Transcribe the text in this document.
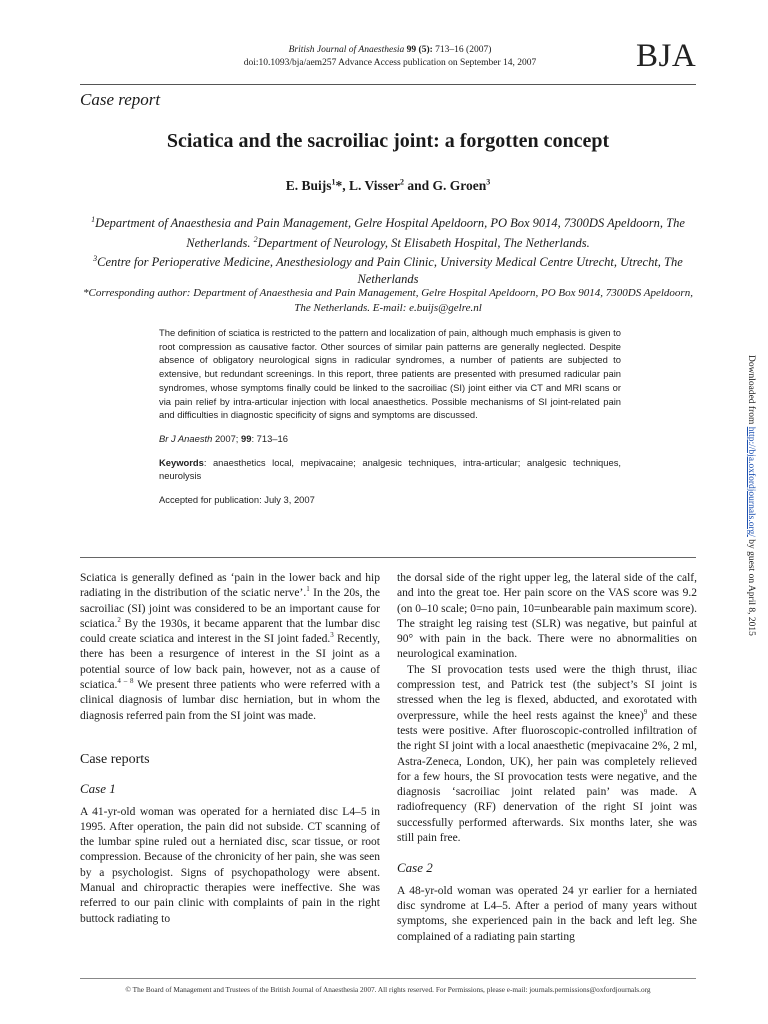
British Journal of Anaesthesia 99 (5): 713–16 (2007)
doi:10.1093/bja/aem257 Advance Access publication on September 14, 2007	BJA
Case report
Sciatica and the sacroiliac joint: a forgotten concept
E. Buijs$^1$*, L. Visser$^2$ and G. Groen$^3$
$^1$Department of Anaesthesia and Pain Management, Gelre Hospital Apeldoorn, PO Box 9014, 7300DS Apeldoorn, The Netherlands. $^2$Department of Neurology, St Elisabeth Hospital, The Netherlands.
$^3$Centre for Perioperative Medicine, Anesthesiology and Pain Clinic, University Medical Centre Utrecht, Utrecht, The Netherlands
*Corresponding author: Department of Anaesthesia and Pain Management, Gelre Hospital Apeldoorn, PO Box 9014, 7300DS Apeldoorn, The Netherlands. E-mail: e.buijs@gelre.nl

The definition of sciatica is restricted to the pattern and localization of pain, although much emphasis is given to root compression as causative factor. Other sources of similar pain patterns are generally neglected. Despite absence of obligatory neurological signs in radicular syndromes, a number of patients are subjected to extensive, but redundant screenings. In this report, three patients are presented with presumed radicular pain syndromes, whose symptoms finally could be linked to the sacroiliac (SI) joint either via CT and MRI scans or via pain relief by intra-articular injection with local anaesthetics. Possible mechanisms of SI joint-related pain and difficulties in diagnostic specificity of signs and symptoms are discussed.

Br J Anaesth 2007; 99: 713–16

Keywords: anaesthetics local, mepivacaine; analgesic techniques, intra-articular; analgesic techniques, neurolysis

Accepted for publication: July 3, 2007

Sciatica is generally defined as ‘pain in the lower back and hip radiating in the distribution of the sciatic nerve’.$^1$ In the 20s, the sacroiliac (SI) joint was considered to be an important cause for sciatica.$^2$ By the 1930s, it became apparent that the lumbar disc could create sciatica and interest in the SI joint faded.$^3$ Recently, there has been a resurgence of interest in the SI joint as a potential source of low back pain, however, not as a cause of sciatica.$^{4 - 8}$ We present three patients who were referred with a clinical diagnosis of lumbar disc herniation, but in whom the diagnosis referred pain from the SI joint was made.

Case reports

Case 1

A 41-yr-old woman was operated for a herniated disc L4–5 in 1995. After operation, the pain did not subside. CT scanning of the lumbar spine ruled out a herniated disc, scar tissue, or root compression. Because of the chronicity of her pain, she was seen by a psychologist. Signs of psychopathology were absent. Manual and chiropractic therapies were ineffective. She was referred to our pain clinic with complaints of pain in the right buttock radiating to

the dorsal side of the right upper leg, the lateral side of the calf, and into the great toe. Her pain score on the VAS score was 9.2 (on 0–10 scale; 0=no pain, 10=unbearable pain maximum score). The straight leg raising test (SLR) was negative, but painful at 90° with pain in the back. There were no abnormalities on neurological examination.

The SI provocation tests used were the thigh thrust, iliac compression test, and Patrick test (the subject’s SI joint is stressed when the leg is flexed, abducted, and exorotated with overpressure, while the heel rests against the knee)$^9$ and these tests were positive. After fluoroscopic-controlled infiltration of the right SI joint with a local anaesthetic (mepivacaine 2%, 2 ml, Astra-Zeneca, London, UK), her pain was completely relieved for a few hours, the SI provocation tests were negative, and the diagnosis ‘sacroiliac joint related pain’ was made. A radiofrequency (RF) denervation of the right SI joint was successfully performed afterwards. Six months later, she was still pain free.

Case 2

A 48-yr-old woman was operated 24 yr earlier for a herniated disc syndrome at L4–5. After a period of many years without symptoms, she experienced pain in the back and left leg. She complained of a radiating pain starting

Downloaded from http://bja.oxfordjournals.org/ by guest on April 8, 2015
© The Board of Management and Trustees of the British Journal of Anaesthesia 2007. All rights reserved. For Permissions, please e-mail: journals.permissions@oxfordjournals.org
